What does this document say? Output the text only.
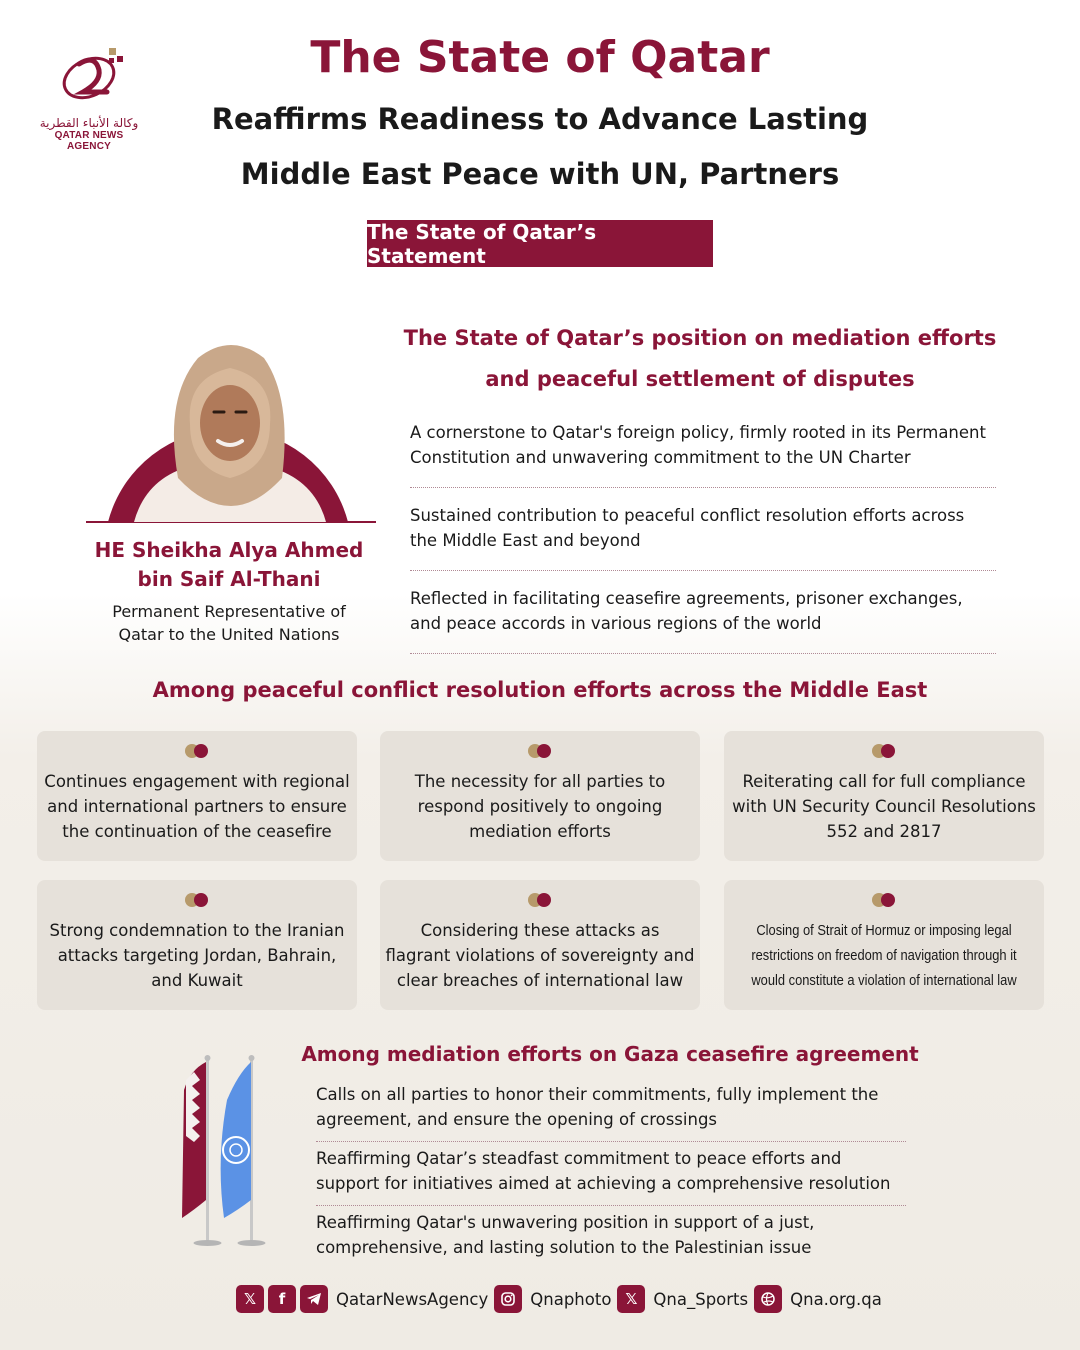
وكالة الأنباء القطرية
QATAR NEWS AGENCY
The State of Qatar
Reaffirms Readiness to Advance Lasting
Middle East Peace with UN, Partners
The State of Qatar’s Statement
HE Sheikha Alya Ahmed
bin Saif Al-Thani
Permanent Representative of
Qatar to the United Nations
The State of Qatar’s position on mediation efforts
and peaceful settlement of disputes
A cornerstone to Qatar's foreign policy, firmly rooted in its Permanent
Constitution and unwavering commitment to the UN Charter
Sustained contribution to peaceful conflict resolution efforts across
the Middle East and beyond
Reflected in facilitating ceasefire agreements, prisoner exchanges,
and peace accords in various regions of the world
Among peaceful conflict resolution efforts across the Middle East
Continues engagement with regional
and international partners to ensure
the continuation of the ceasefire
The necessity for all parties to
respond positively to ongoing
mediation efforts
Reiterating call for full compliance
with UN Security Council Resolutions
552 and 2817
Strong condemnation to the Iranian
attacks targeting Jordan, Bahrain,
and Kuwait
Considering these attacks as
flagrant violations of sovereignty and
clear breaches of international law
Closing of Strait of Hormuz or imposing legal
restrictions on freedom of navigation through it
would constitute a violation of international law
Among mediation efforts on Gaza ceasefire agreement
Calls on all parties to honor their commitments, fully implement the
agreement, and ensure the opening of crossings
Reaffirming Qatar’s steadfast commitment to peace efforts and
support for initiatives aimed at achieving a comprehensive resolution
Reaffirming Qatar's unwavering position in support of a just,
comprehensive, and lasting solution to the Palestinian issue
𝕏	f	QatarNewsAgency	Qnaphoto 𝕏 Qna_Sports	Qna.org.qa
